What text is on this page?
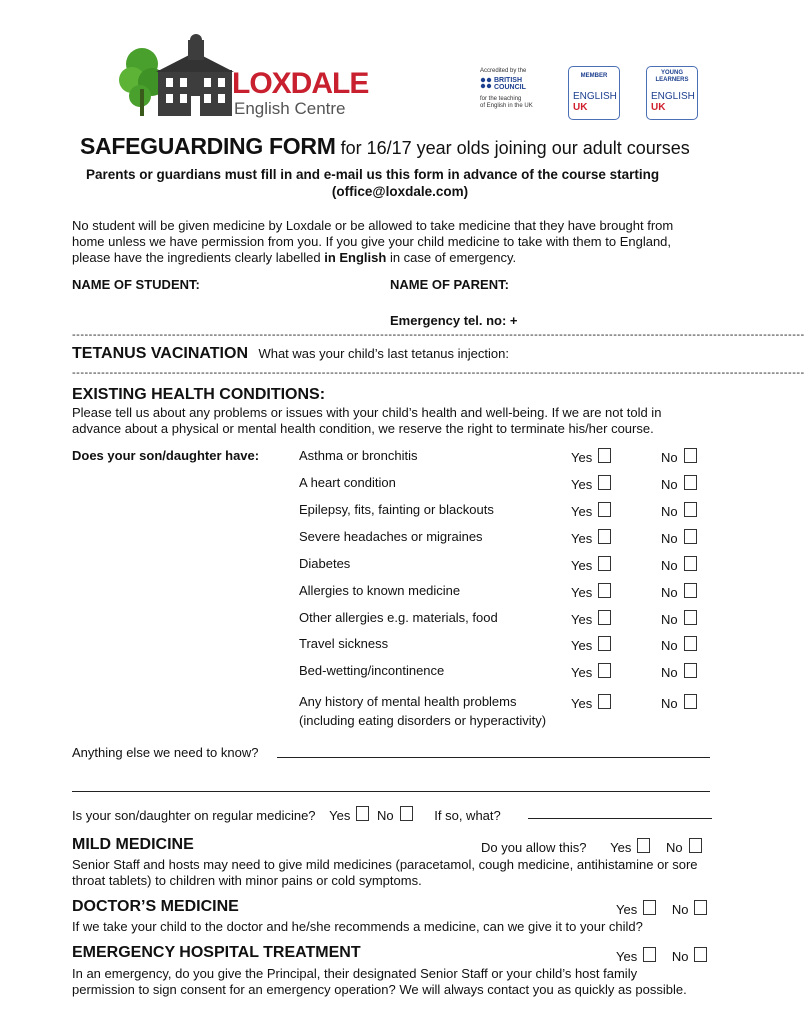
LOXDALE
English Centre
Accredited by the
BRITISH
COUNCIL
for the teaching
of English in the UK
MEMBER
ENGLISH
UK
YOUNG
LEARNERS
ENGLISH
UK
SAFEGUARDING FORM for 16/17 year olds joining our adult courses
Parents or guardians must fill in and e-mail us this form in advance of the course starting
(office@loxdale.com)
No student will be given medicine by Loxdale or be allowed to take medicine that they have brought from
home unless we have permission from you. If you give your child medicine to take with them to England,
please have the ingredients clearly labelled in English in case of emergency.
NAME OF STUDENT:	NAME OF PARENT:
Emergency tel. no: +
--------------------------------------------------------------------------------------------------------------------------------------------------------------------------------
TETANUS VACINATION What was your child’s last tetanus injection:
--------------------------------------------------------------------------------------------------------------------------------------------------------------------------------
EXISTING HEALTH CONDITIONS:
Please tell us about any problems or issues with your child’s health and well-being. If we are not told in
advance about a physical or mental health condition, we reserve the right to terminate his/her course.
Does your son/daughter have:	Asthma or bronchitis	Yes	No
A heart condition	Yes	No
Epilepsy, fits, fainting or blackouts	Yes	No
Severe headaches or migraines	Yes	No
Diabetes	Yes	No
Allergies to known medicine	Yes	No
Other allergies e.g. materials, food	Yes	No
Travel sickness	Yes	No
Bed-wetting/incontinence	Yes	No
Any history of mental health problems	Yes	No
(including eating disorders or hyperactivity)
Anything else we need to know?
Is your son/daughter on regular medicine? Yes No	If so, what?
MILD MEDICINE	Do you allow this? Yes	No
Senior Staff and hosts may need to give mild medicines (paracetamol, cough medicine, antihistamine or sore
throat tablets) to children with minor pains or cold symptoms.
DOCTOR’S MEDICINE	Yes	No
If we take your child to the doctor and he/she recommends a medicine, can we give it to your child?
EMERGENCY HOSPITAL TREATMENT	Yes	No
In an emergency, do you give the Principal, their designated Senior Staff or your child’s host family
permission to sign consent for an emergency operation? We will always contact you as quickly as possible.
